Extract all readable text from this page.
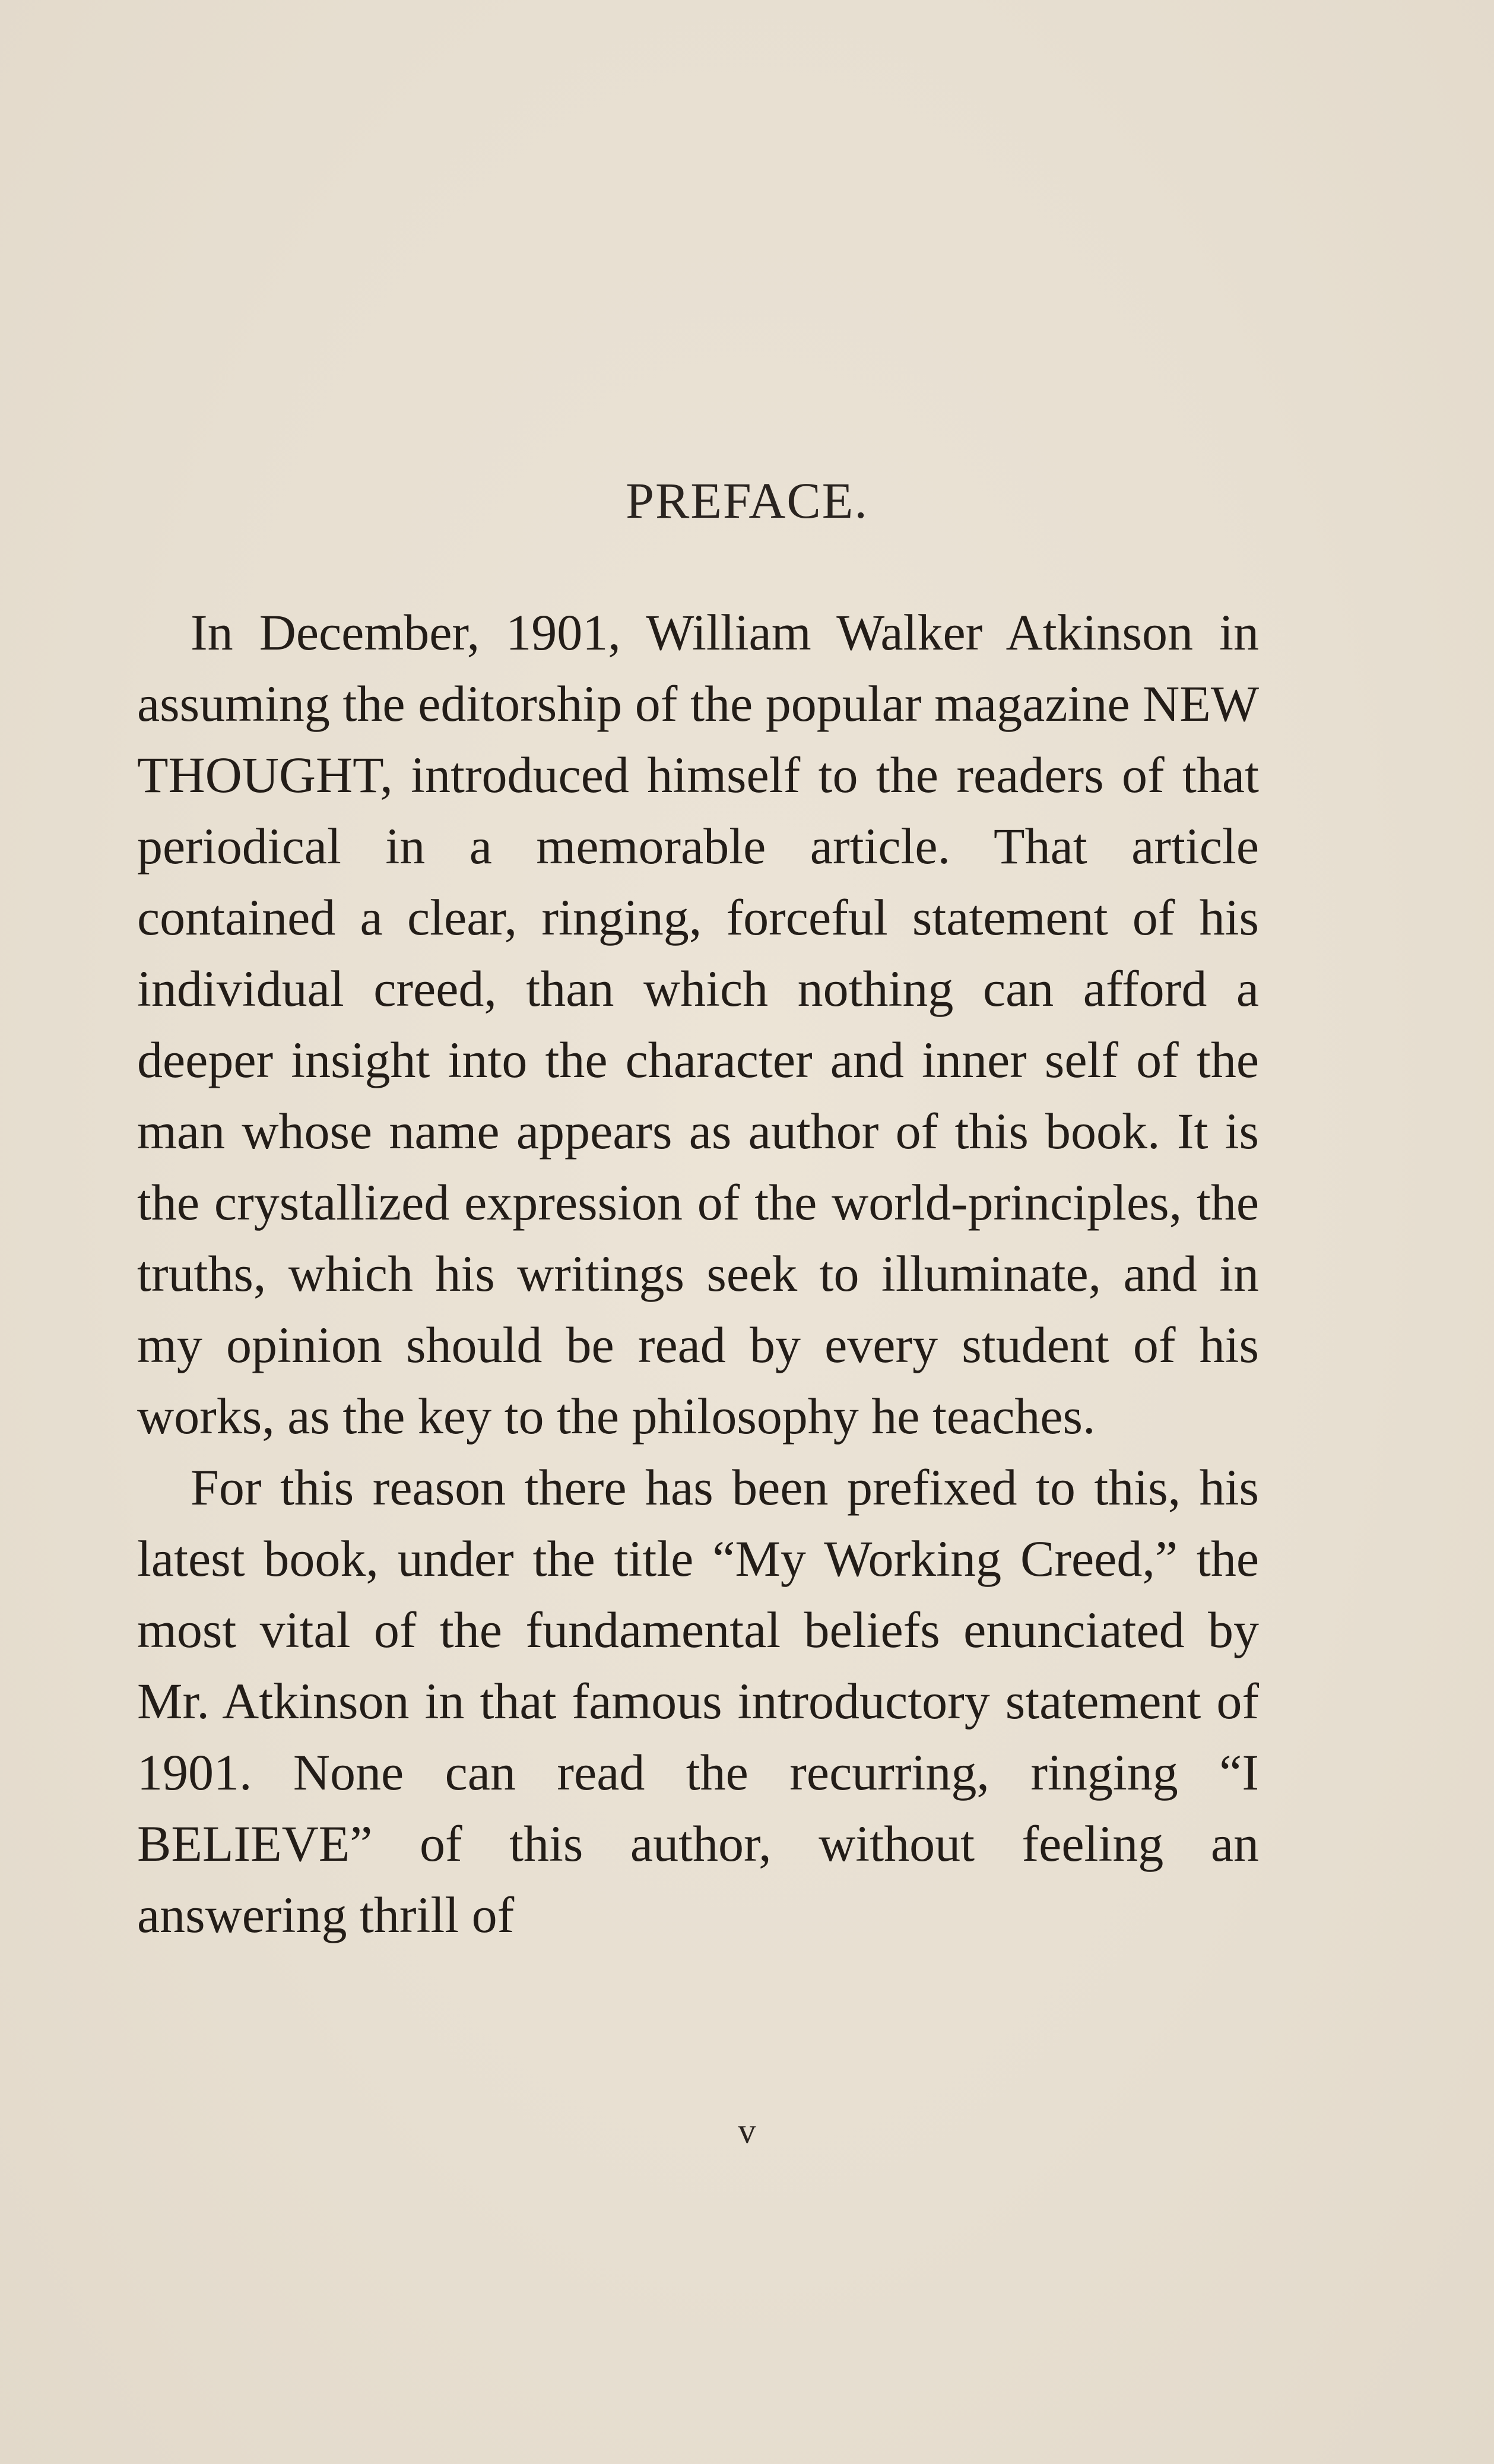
PREFACE.

In December, 1901, William Walker Atkinson in assuming the editorship of the popular magazine NEW THOUGHT, introduced himself to the readers of that periodical in a memorable article. That article contained a clear, ringing, forceful statement of his individual creed, than which nothing can afford a deeper insight into the character and inner self of the man whose name appears as author of this book. It is the crystallized expression of the world-principles, the truths, which his writings seek to illuminate, and in my opinion should be read by every student of his works, as the key to the philosophy he teaches.

For this reason there has been prefixed to this, his latest book, under the title “My Working Creed,” the most vital of the fundamental beliefs enunciated by Mr. Atkinson in that famous introductory statement of 1901. None can read the recurring, ringing “I BELIEVE” of this author, without feeling an answering thrill of

v
